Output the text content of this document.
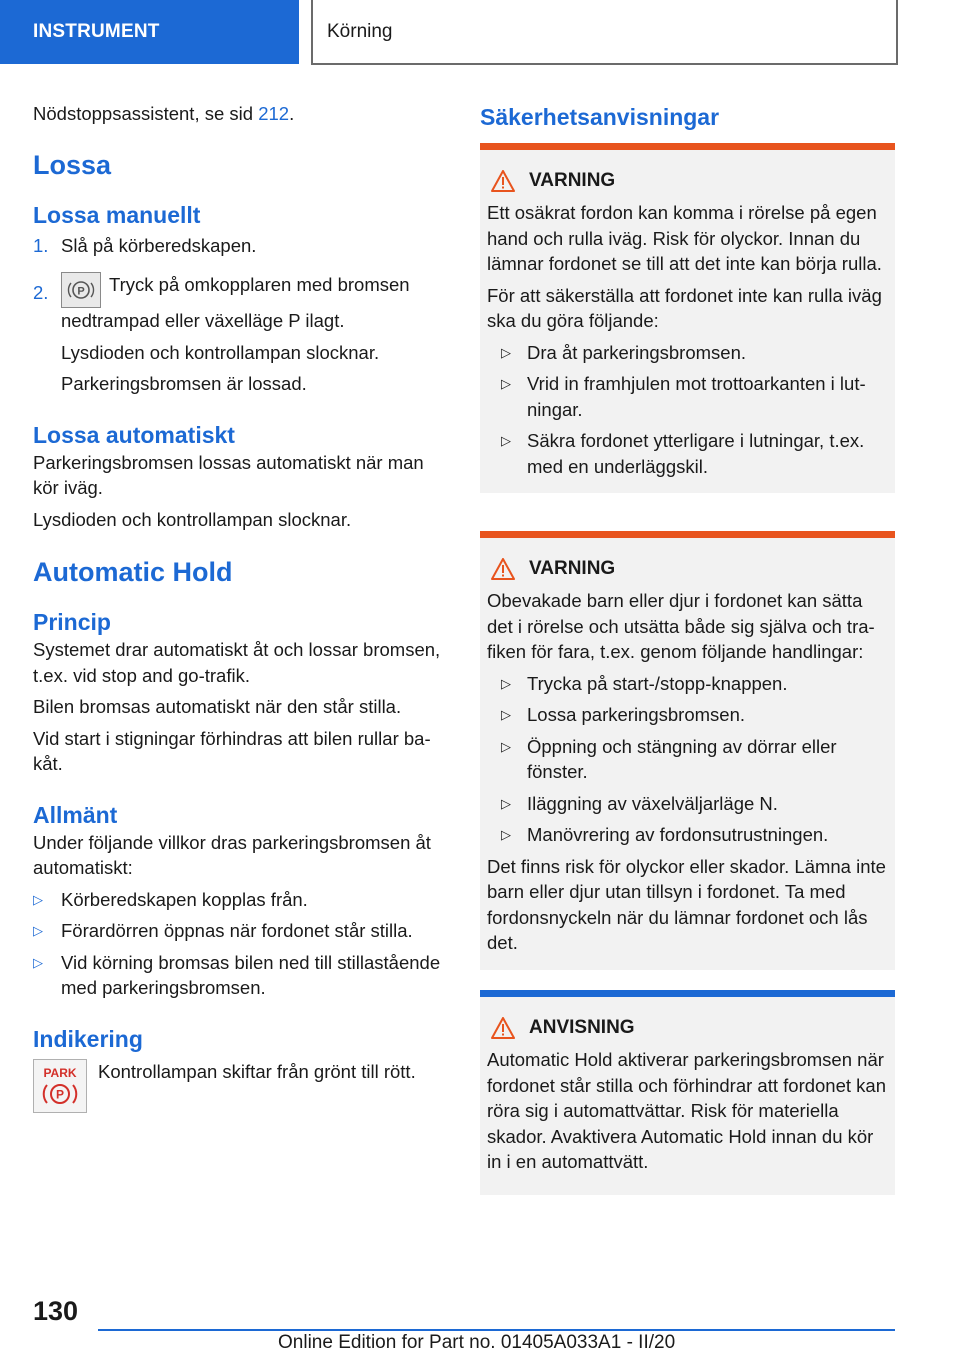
INSTRUMENT	Körning

Nödstoppsassistent, se sid 212.

Lossa
Lossa manuellt
1. Slå på körberedskapen.
2.	P Tryck på omkopplaren med bromsen nedtrampad eller växelläge P ilagt.

Lysdioden och kontrollampan slocknar.

Parkeringsbromsen är lossad.

Lossa automatiskt

Parkeringsbromsen lossas automatiskt när man kör iväg.

Lysdioden och kontrollampan slocknar.

Automatic Hold
Princip

Systemet drar automatiskt åt och lossar bromsen, t.ex. vid stop and go-trafik.

Bilen bromsas automatiskt när den står stilla.

Vid start i stigningar förhindras att bilen rullar bakåt.

Allmänt

Under följande villkor dras parkeringsbromsen åt automatiskt:

▷ Körberedskapen kopplas från.
▷ Förardörren öppnas när fordonet står stilla.
▷ Vid körning bromsas bilen ned till stillastående med parkeringsbromsen.
Indikering
PARK
P

Kontrollampan skiftar från grönt till rött.

Säkerhetsanvisningar
VARNING

Ett osäkrat fordon kan komma i rörelse på egen hand och rulla iväg. Risk för olyckor. Innan du lämnar fordonet se till att det inte kan börja rulla.

För att säkerställa att fordonet inte kan rulla iväg ska du göra följande:

▷ Dra åt parkeringsbromsen.
▷ Vrid in framhjulen mot trottoarkanten i lutningar.
▷ Säkra fordonet ytterligare i lutningar, t.ex. med en underläggskil.
VARNING

Obevakade barn eller djur i fordonet kan sätta det i rörelse och utsätta både sig själva och trafiken för fara, t.ex. genom följande handlingar:

▷ Trycka på start-/stopp-knappen.
▷ Lossa parkeringsbromsen.
▷ Öppning och stängning av dörrar eller fönster.
▷ Iläggning av växelväljarläge N.
▷ Manövrering av fordonsutrustningen.

Det finns risk för olyckor eller skador. Lämna inte barn eller djur utan tillsyn i fordonet. Ta med fordonsnyckeln när du lämnar fordonet och lås det.

ANVISNING

Automatic Hold aktiverar parkeringsbromsen när fordonet står stilla och förhindrar att fordonet kan röra sig i automattvättar. Risk för materiella skador. Avaktivera Automatic Hold innan du kör in i en automattvätt.

130
Online Edition for Part no. 01405A033A1 - II/20
